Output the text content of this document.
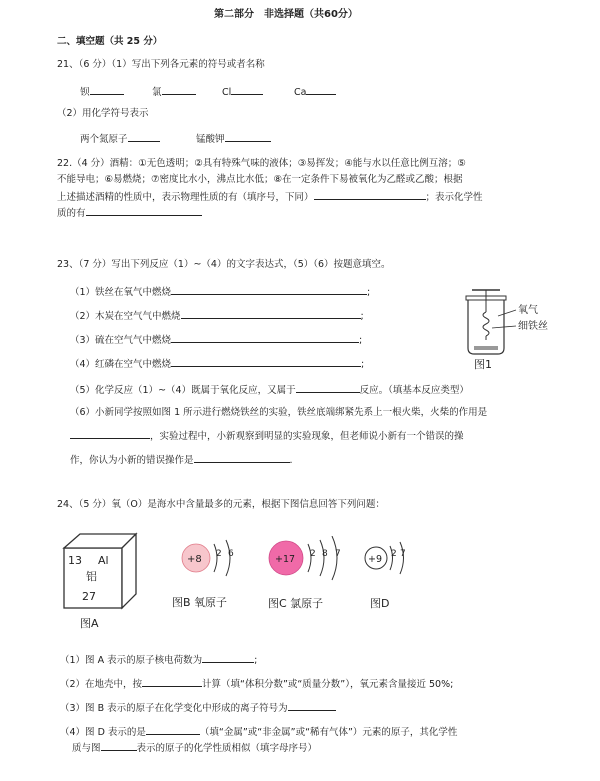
第二部分　非选择题（共60分）
二、填空题（共 25 分）
21、（6 分）（1）写出下列各元素的符号或者名称
钡	氯	Cl	Ca
（2）用化学符号表示
两个氮原子	锰酸钾
22.（4 分）酒精：①无色透明；②具有特殊气味的液体；③易挥发；④能与水以任意比例互溶；⑤
不能导电；⑥易燃烧；⑦密度比水小，沸点比水低；⑧在一定条件下易被氧化为乙醛或乙酸；根据
上述描述酒精的性质中，表示物理性质的有（填序号，下同）	；表示化学性
质的有
23、（7 分）写出下列反应（1）~（4）的文字表达式，（5）（6）按题意填空。
（1）铁丝在氧气中燃烧	;
（2）木炭在空气气中燃烧	;
（3）硫在空气气中燃烧	;
（4）红磷在空气中燃烧	;
（5）化学反应（1）~（4）既属于氧化反应，又属于	反应。（填基本反应类型）
（6）小新同学按照如图 1 所示进行燃烧铁丝的实验，铁丝底端绑紧先系上一根火柴，火柴的作用是
，实验过程中，小新观察到明显的实验现象，但老师说小新有一个错误的操
作，你认为小新的错误操作是	.
氧气
细铁丝
图1
24、（5 分）氧（O）是海水中含量最多的元素，根据下图信息回答下列问题：
13 Al
铝
27
图A
+8 2 6
图B 氧原子
+17 2 8 7
图C 氯原子
+9 2 7
图D
（1）图 A 表示的原子核电荷数为	;
（2）在地壳中，按	计算（填“体积分数”或“质量分数”），氧元素含量接近 50%;
（3）图 B 表示的原子在化学变化中形成的离子符号为
（4）图 D 表示的是	（填“金属”或“非金属”或“稀有气体”）元素的原子，其化学性
质与图	表示的原子的化学性质相似（填字母序号）
